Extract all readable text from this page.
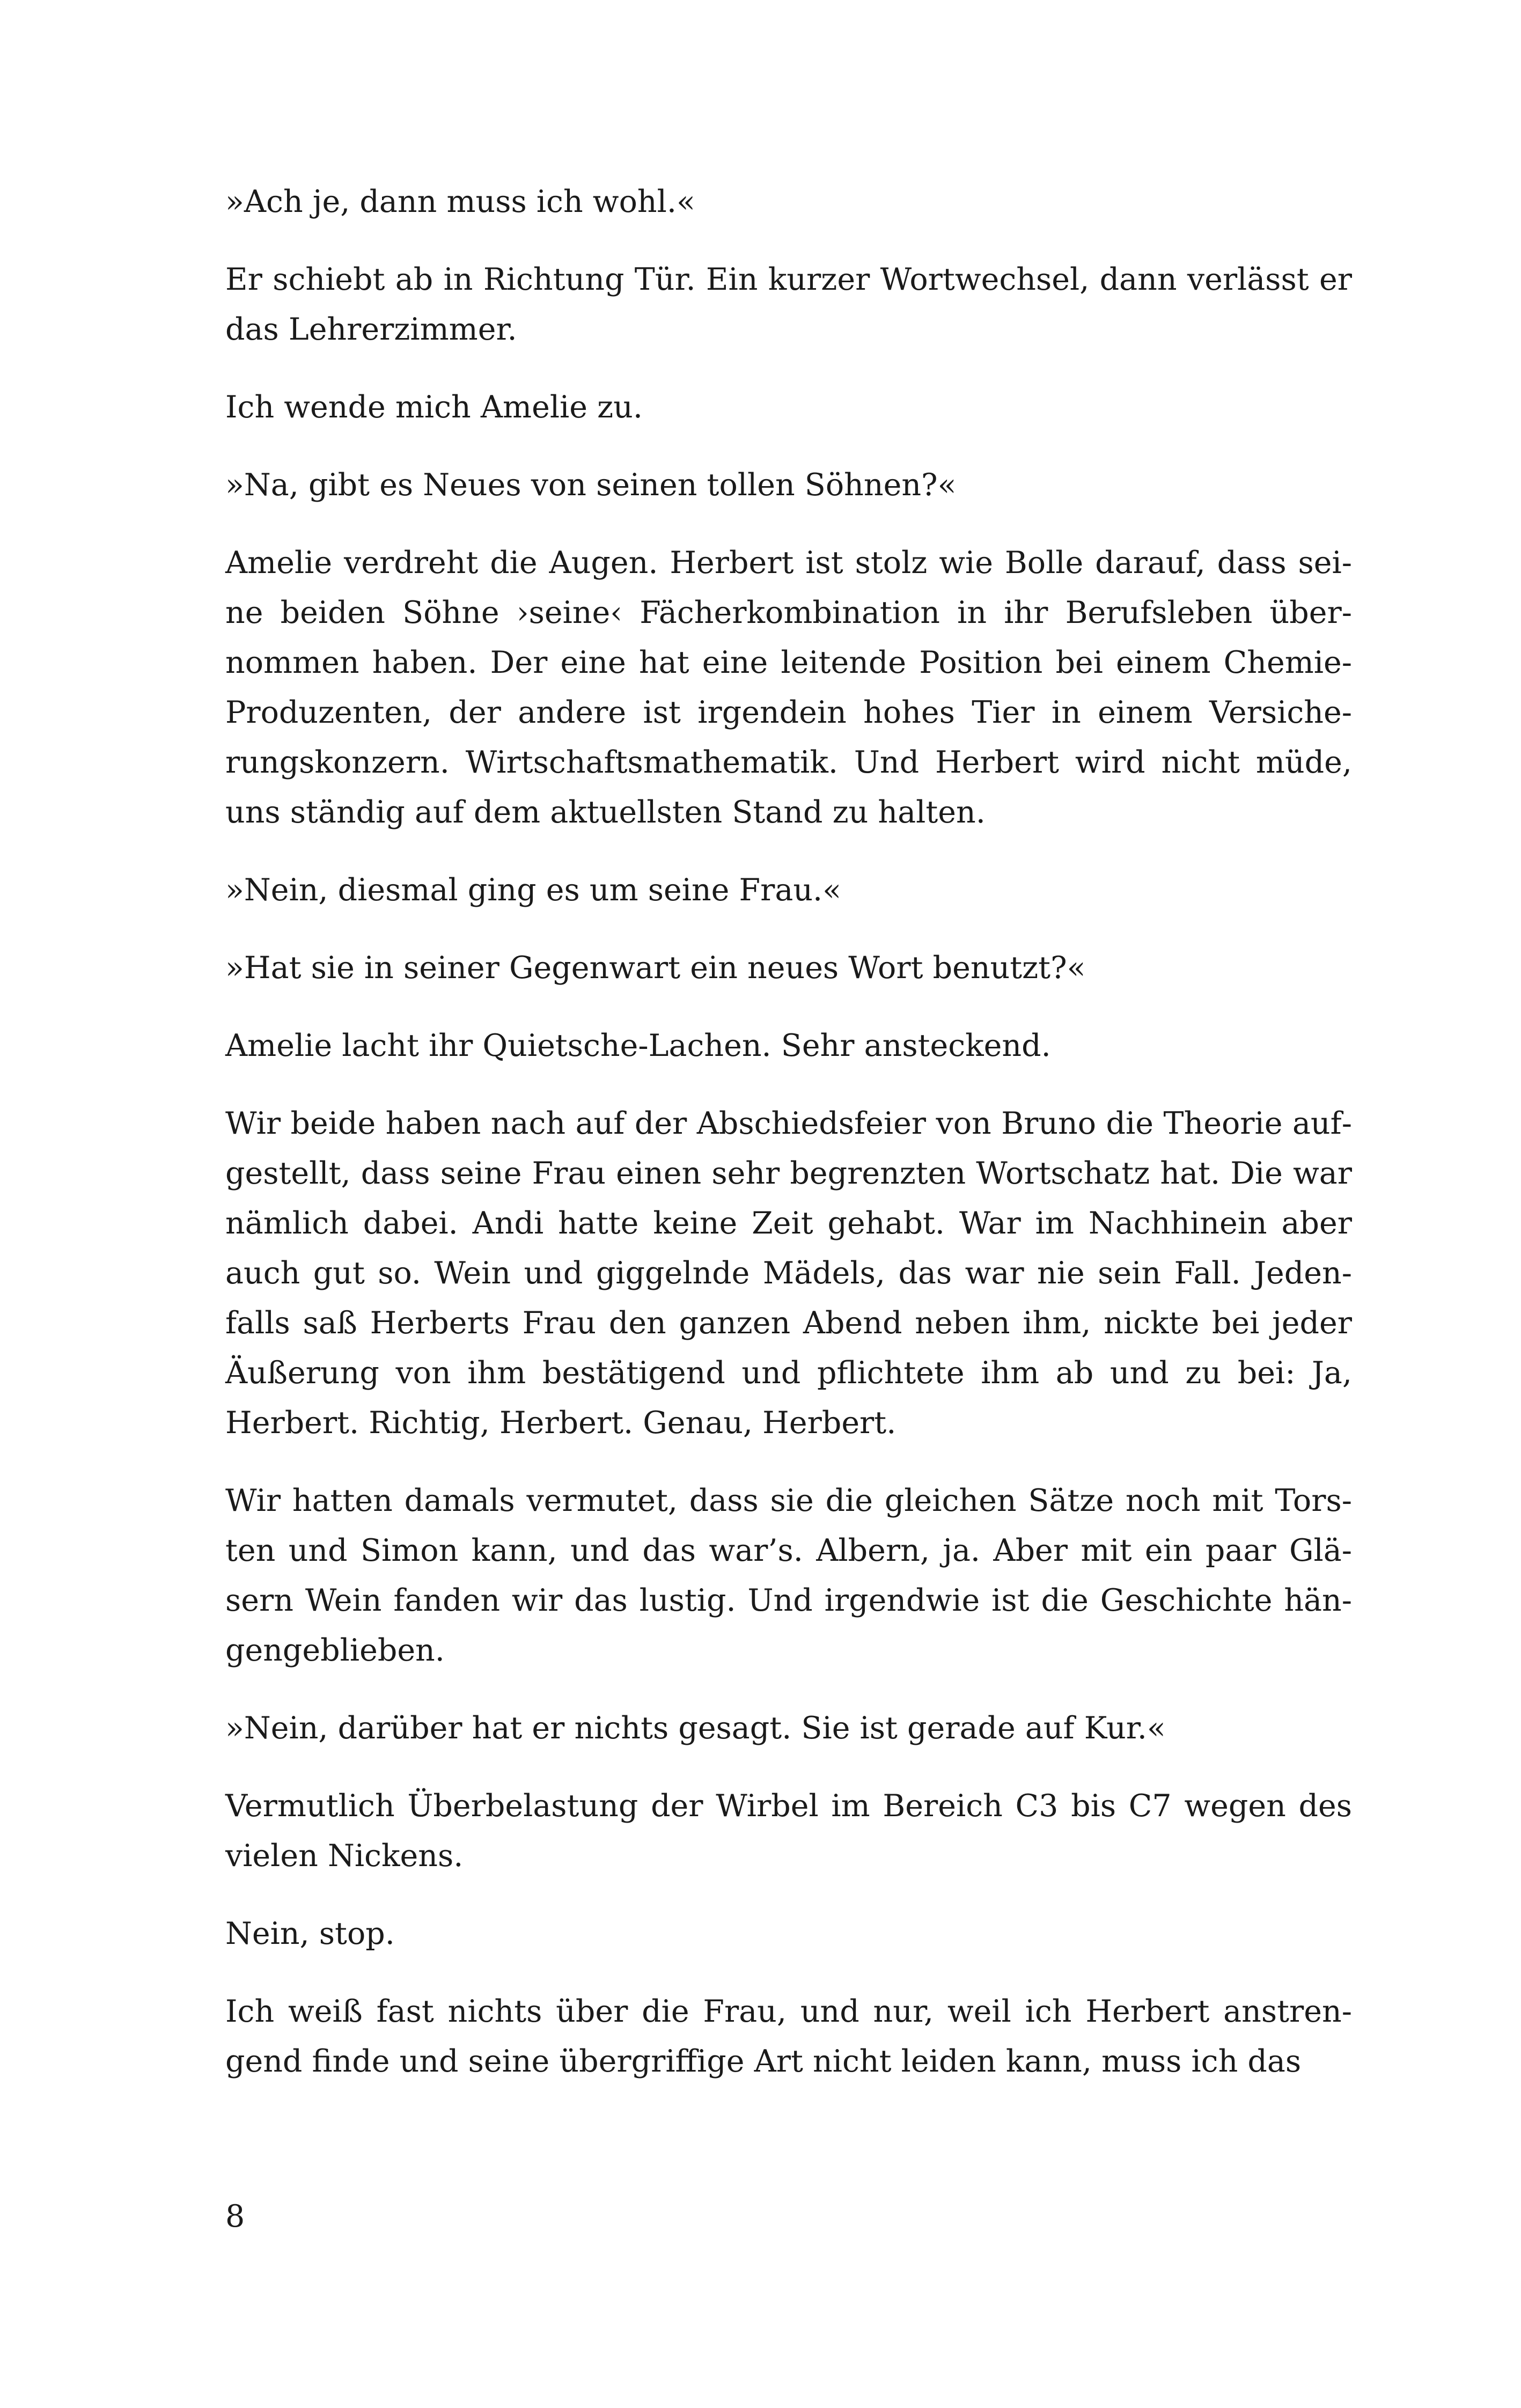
»Ach je, dann muss ich wohl.«

Er schiebt ab in Richtung Tür. Ein kurzer Wortwechsel, dann verlässt er das Lehrerzimmer.

Ich wende mich Amelie zu.

»Na, gibt es Neues von seinen tollen Söhnen?«

Amelie verdreht die Augen. Herbert ist stolz wie Bolle darauf, dass seine beiden Söhne ›seine‹ Fächerkombination in ihr Berufsleben übernommen haben. Der eine hat eine leitende Position bei einem Chemie-Produzenten, der andere ist irgendein hohes Tier in einem Versicherungskonzern. Wirtschaftsmathematik. Und Herbert wird nicht müde, uns ständig auf dem aktuellsten Stand zu halten.

»Nein, diesmal ging es um seine Frau.«

»Hat sie in seiner Gegenwart ein neues Wort benutzt?«

Amelie lacht ihr Quietsche-Lachen. Sehr ansteckend.

Wir beide haben nach auf der Abschiedsfeier von Bruno die Theorie aufgestellt, dass seine Frau einen sehr begrenzten Wortschatz hat. Die war nämlich dabei. Andi hatte keine Zeit gehabt. War im Nachhinein aber auch gut so. Wein und giggelnde Mädels, das war nie sein Fall. Jedenfalls saß Herberts Frau den ganzen Abend neben ihm, nickte bei jeder Äußerung von ihm bestätigend und pflichtete ihm ab und zu bei: Ja, Herbert. Richtig, Herbert. Genau, Herbert.

Wir hatten damals vermutet, dass sie die gleichen Sätze noch mit Torsten und Simon kann, und das war’s. Albern, ja. Aber mit ein paar Gläsern Wein fanden wir das lustig. Und irgendwie ist die Geschichte hängengeblieben.

»Nein, darüber hat er nichts gesagt. Sie ist gerade auf Kur.«

Vermutlich Überbelastung der Wirbel im Bereich C3 bis C7 wegen des vielen Nickens.

Nein, stop.

Ich weiß fast nichts über die Frau, und nur, weil ich Herbert anstrengend finde und seine übergriffige Art nicht leiden kann, muss ich das

8
